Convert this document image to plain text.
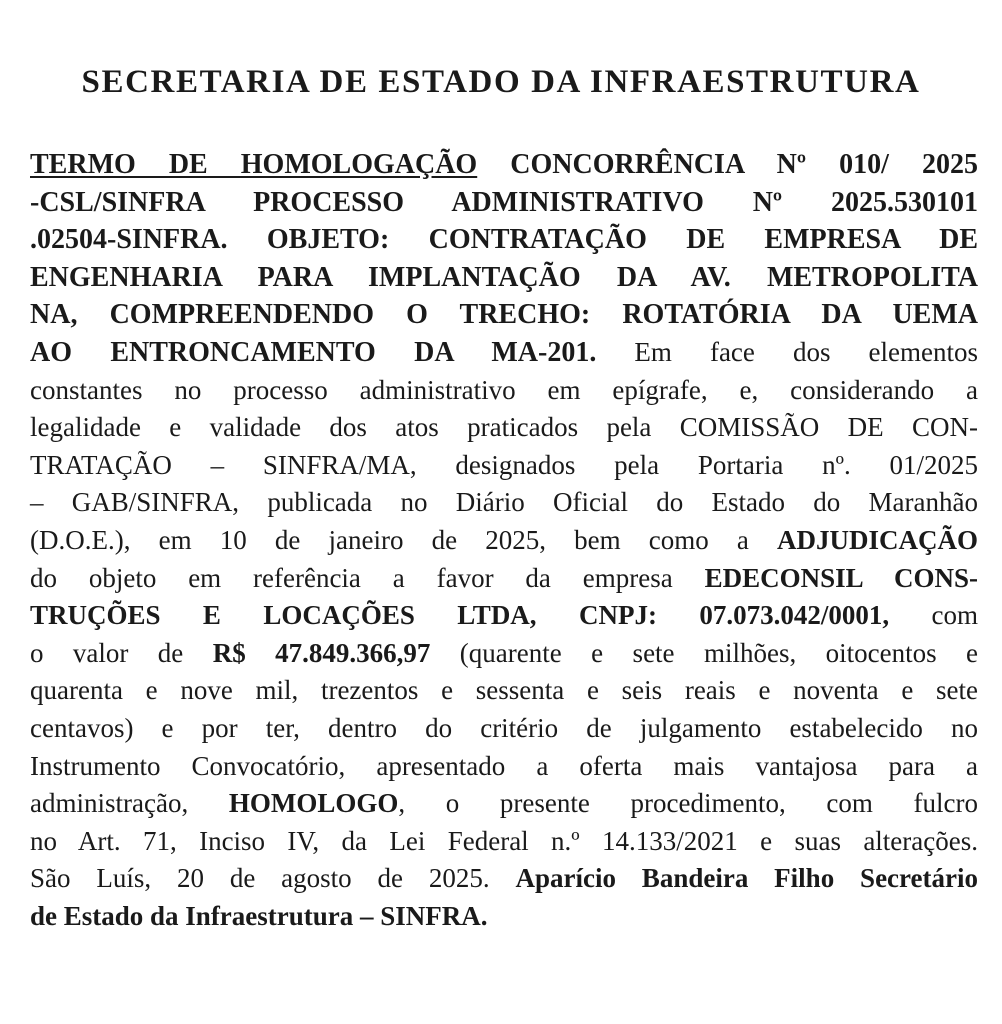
SECRETARIA DE ESTADO DA INFRAESTRUTURA
TERMO DE HOMOLOGAÇÃO CONCORRÊNCIA Nº 010/ 2025
-CSL/SINFRA PROCESSO ADMINISTRATIVO Nº 2025.530101
.02504-SINFRA. OBJETO: CONTRATAÇÃO DE EMPRESA DE
ENGENHARIA PARA IMPLANTAÇÃO DA AV. METROPOLITA
NA, COMPREENDENDO O TRECHO: ROTATÓRIA DA UEMA
AO ENTRONCAMENTO DA MA-201. Em face dos elementos
constantes no processo administrativo em epígrafe, e, considerando a
legalidade e validade dos atos praticados pela COMISSÃO DE CON-
TRATAÇÃO – SINFRA/MA, designados pela Portaria nº. 01/2025
– GAB/SINFRA, publicada no Diário Oficial do Estado do Maranhão
(D.O.E.), em 10 de janeiro de 2025, bem como a ADJUDICAÇÃO
do objeto em referência a favor da empresa EDECONSIL CONS-
TRUÇÕES E LOCAÇÕES LTDA, CNPJ: 07.073.042/0001, com
o valor de R$ 47.849.366,97 (quarente e sete milhões, oitocentos e
quarenta e nove mil, trezentos e sessenta e seis reais e noventa e sete
centavos) e por ter, dentro do critério de julgamento estabelecido no
Instrumento Convocatório, apresentado a oferta mais vantajosa para a
administração, HOMOLOGO, o presente procedimento, com fulcro
no Art. 71, Inciso IV, da Lei Federal n.º 14.133/2021 e suas alterações.
São Luís, 20 de agosto de 2025. Aparício Bandeira Filho Secretário
de Estado da Infraestrutura – SINFRA.
